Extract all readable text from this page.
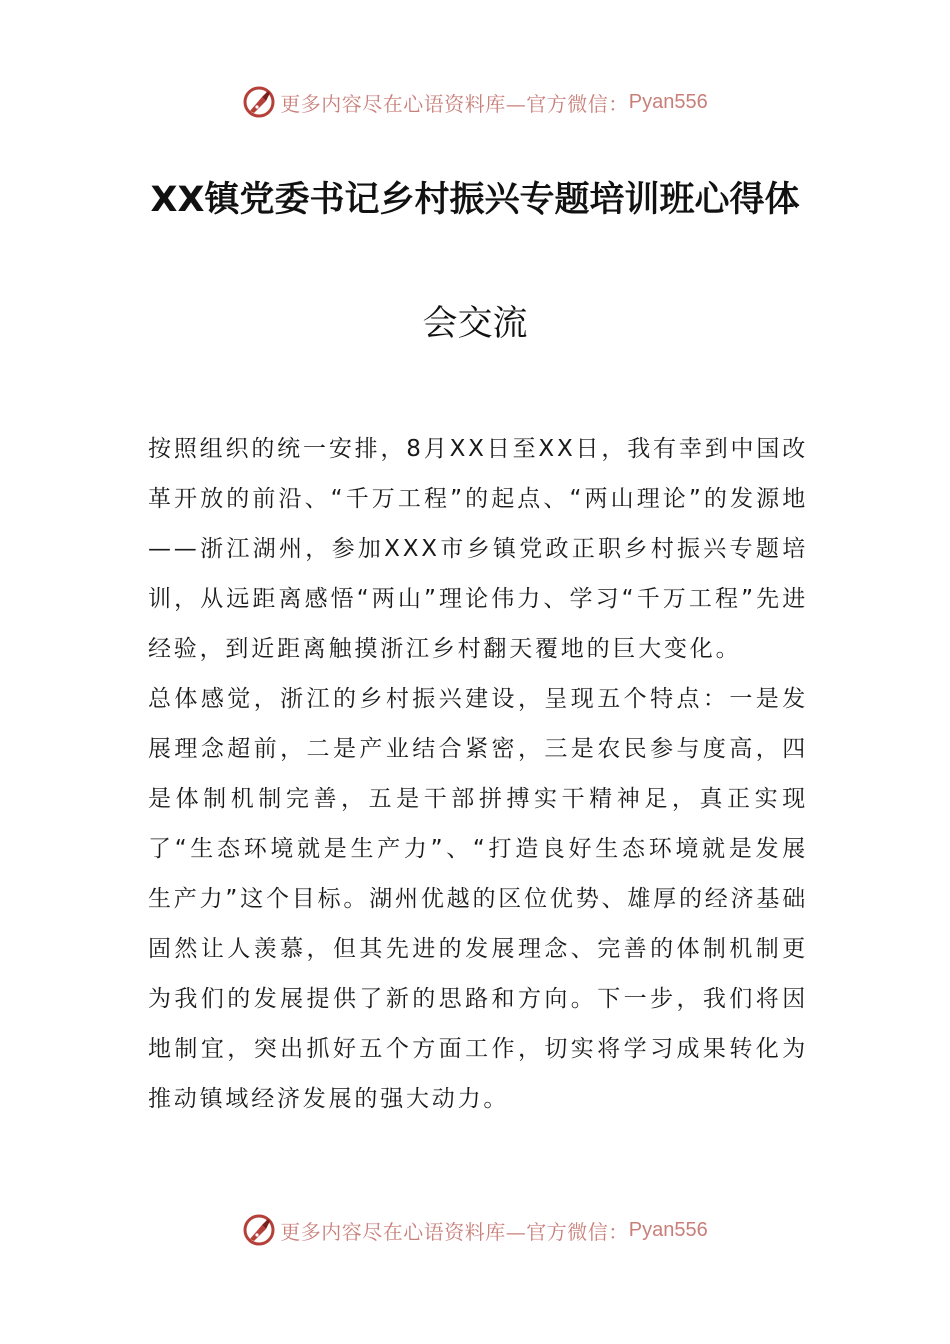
更多内容尽在心语资料库—官方微信： Pyan556
XX镇党委书记乡村振兴专题培训班心得体
会交流

按照组织的统一安排，8月XX日至XX日，我有幸到中国改革开放的前沿、“千万工程”的起点、“两山理论”的发源地——浙江湖州，参加XXX市乡镇党政正职乡村振兴专题培训，从远距离感悟“两山”理论伟力、学习“千万工程”先进经验，到近距离触摸浙江乡村翻天覆地的巨大变化。

总体感觉，浙江的乡村振兴建设，呈现五个特点：一是发展理念超前，二是产业结合紧密，三是农民参与度高，四是体制机制完善，五是干部拼搏实干精神足，真正实现了“生态环境就是生产力”、“打造良好生态环境就是发展生产力”这个目标。湖州优越的区位优势、雄厚的经济基础固然让人羡慕，但其先进的发展理念、完善的体制机制更为我们的发展提供了新的思路和方向。下一步，我们将因地制宜，突出抓好五个方面工作，切实将学习成果转化为推动镇域经济发展的强大动力。

更多内容尽在心语资料库—官方微信： Pyan556
